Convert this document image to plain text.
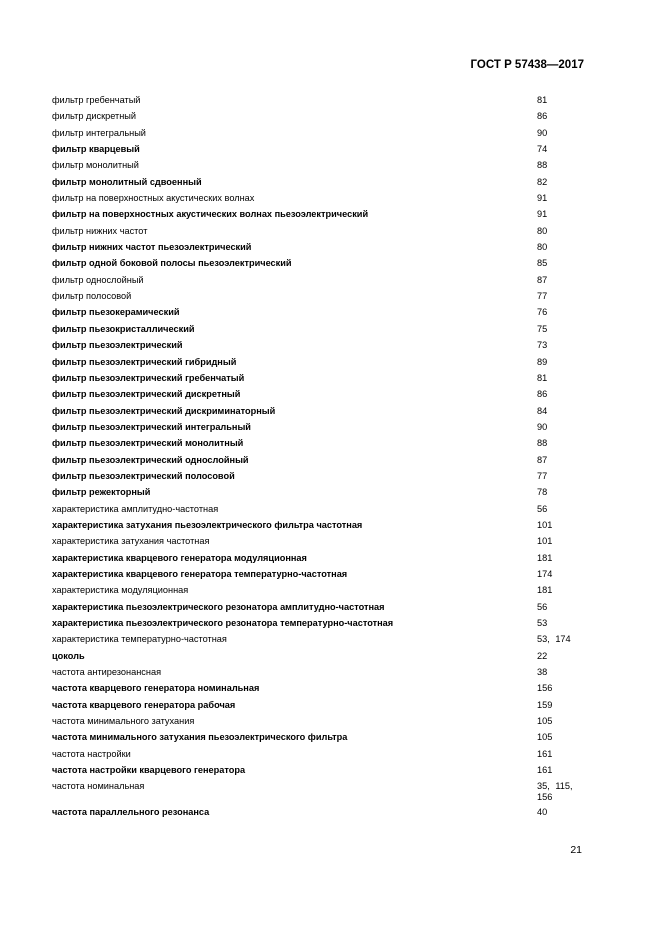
ГОСТ Р 57438—2017
фильтр гребенчатый	81
фильтр дискретный	86
фильтр интегральный	90
фильтр кварцевый	74
фильтр монолитный	88
фильтр монолитный сдвоенный	82
фильтр на поверхностных акустических волнах	91
фильтр на поверхностных акустических волнах пьезоэлектрический	91
фильтр нижних частот	80
фильтр нижних частот пьезоэлектрический	80
фильтр одной боковой полосы пьезоэлектрический	85
фильтр однослойный	87
фильтр полосовой	77
фильтр пьезокерамический	76
фильтр пьезокристаллический	75
фильтр пьезоэлектрический	73
фильтр пьезоэлектрический гибридный	89
фильтр пьезоэлектрический гребенчатый	81
фильтр пьезоэлектрический дискретный	86
фильтр пьезоэлектрический дискриминаторный	84
фильтр пьезоэлектрический интегральный	90
фильтр пьезоэлектрический монолитный	88
фильтр пьезоэлектрический однослойный	87
фильтр пьезоэлектрический полосовой	77
фильтр режекторный	78
характеристика амплитудно-частотная	56
характеристика затухания пьезоэлектрического фильтра частотная	101
характеристика затухания частотная	101
характеристика кварцевого генератора модуляционная	181
характеристика кварцевого генератора температурно-частотная	174
характеристика модуляционная	181
характеристика пьезоэлектрического резонатора амплитудно-частотная	56
характеристика пьезоэлектрического резонатора температурно-частотная	53
характеристика температурно-частотная	53, 174
цоколь	22
частота антирезонансная	38
частота кварцевого генератора номинальная	156
частота кварцевого генератора рабочая	159
частота минимального затухания	105
частота минимального затухания пьезоэлектрического фильтра	105
частота настройки	161
частота настройки кварцевого генератора	161
частота номинальная	35, 115, 156
частота параллельного резонанса	40
21
